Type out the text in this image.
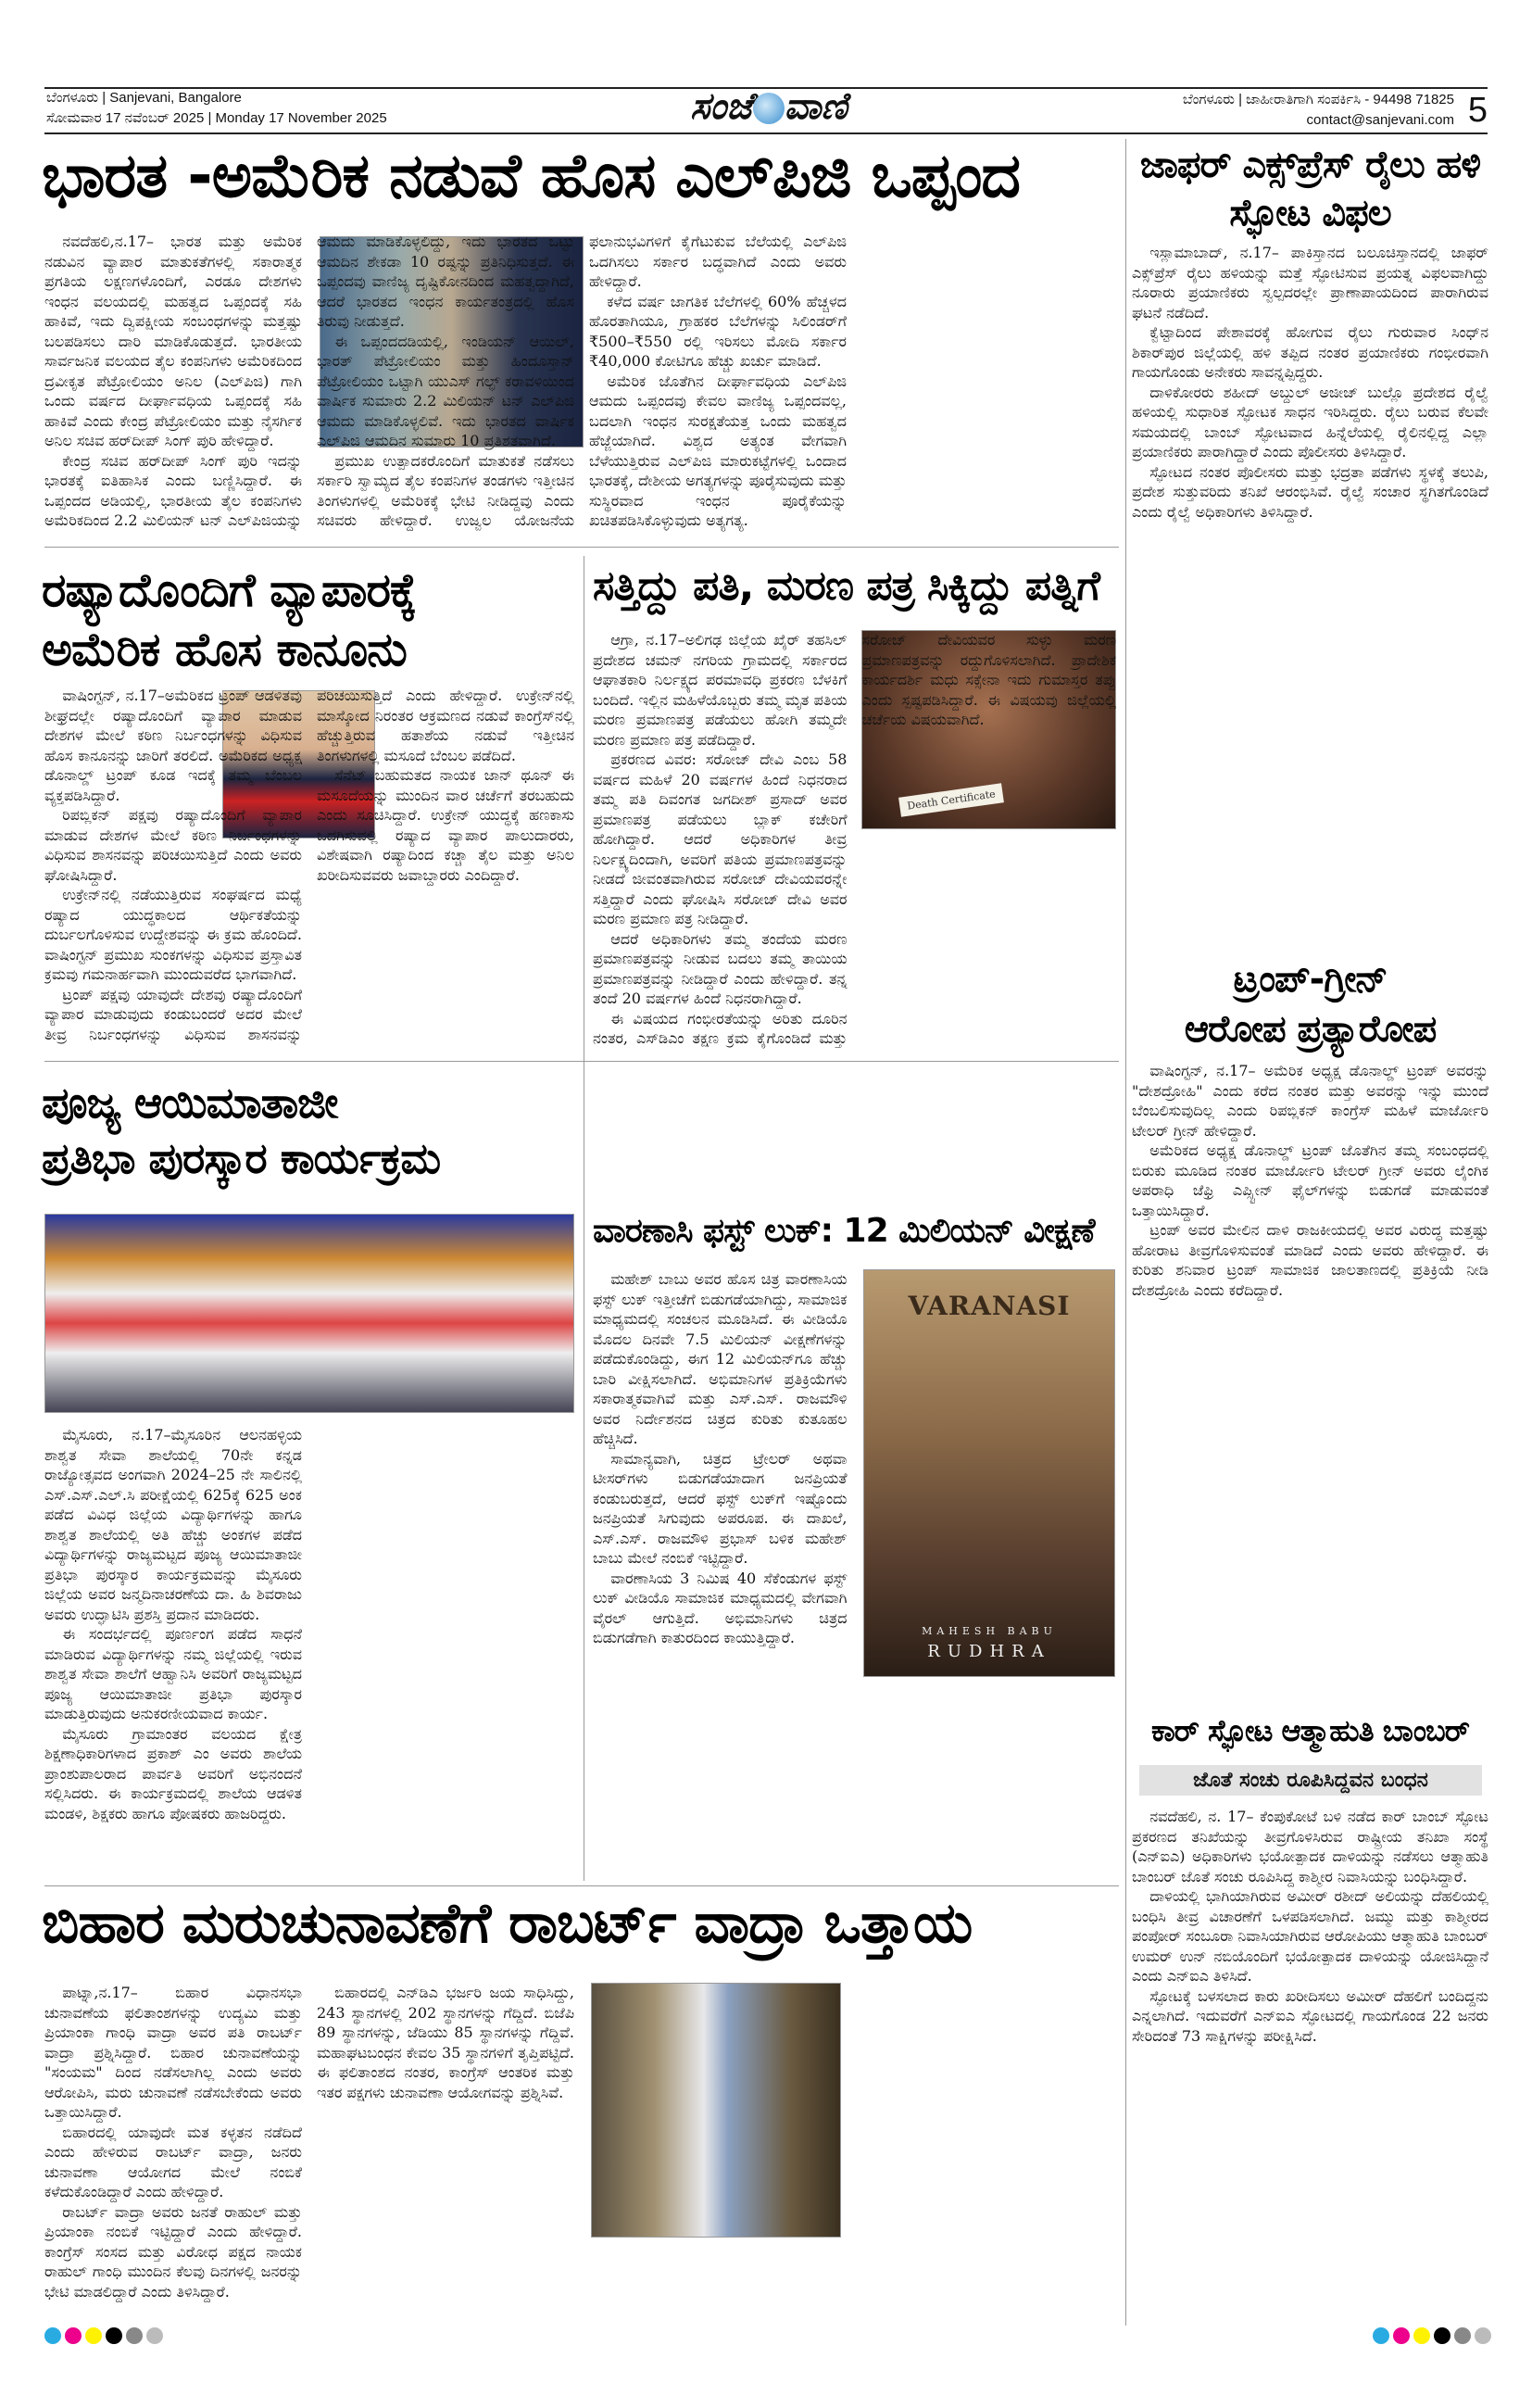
ಬೆಂಗಳೂರು | Sanjevani, Bangalore
ಸೋಮವಾರ 17 ನವೆಂಬರ್ 2025 | Monday 17 November 2025	ಸಂಜೆ ವಾಣಿ	ಬೆಂಗಳೂರು | ಜಾಹೀರಾತಿಗಾಗಿ ಸಂಪರ್ಕಿಸಿ - 94498 71825
contact@sanjevani.com 5
ಭಾರತ -ಅಮೆರಿಕ ನಡುವೆ ಹೊಸ ಎಲ್‌ಪಿಜಿ ಒಪ್ಪಂದ

ನವದೆಹಲಿ,ನ.17– ಭಾರತ ಮತ್ತು ಅಮೆರಿಕ ನಡುವಿನ ವ್ಯಾಪಾರ ಮಾತುಕತೆಗಳಲ್ಲಿ ಸಕಾರಾತ್ಮಕ ಪ್ರಗತಿಯ ಲಕ್ಷಣಗಳೊಂದಿಗೆ, ಎರಡೂ ದೇಶಗಳು ಇಂಧನ ವಲಯದಲ್ಲಿ ಮಹತ್ವದ ಒಪ್ಪಂದಕ್ಕೆ ಸಹಿ ಹಾಕಿವೆ, ಇದು ದ್ವಿಪಕ್ಷೀಯ ಸಂಬಂಧಗಳನ್ನು ಮತ್ತಷ್ಟು ಬಲಪಡಿಸಲು ದಾರಿ ಮಾಡಿಕೊಡುತ್ತದೆ. ಭಾರತೀಯ ಸಾರ್ವಜನಿಕ ವಲಯದ ತೈಲ ಕಂಪನಿಗಳು ಅಮೆರಿಕದಿಂದ ದ್ರವೀಕೃತ ಪೆಟ್ರೋಲಿಯಂ ಅನಿಲ (ಎಲ್‌ಪಿಜಿ) ಗಾಗಿ ಒಂದು ವರ್ಷದ ದೀರ್ಘಾವಧಿಯ ಒಪ್ಪಂದಕ್ಕೆ ಸಹಿ ಹಾಕಿವೆ ಎಂದು ಕೇಂದ್ರ ಪೆಟ್ರೋಲಿಯಂ ಮತ್ತು ನೈಸರ್ಗಿಕ ಅನಿಲ ಸಚಿವ ಹರ್‌ದೀಪ್ ಸಿಂಗ್ ಪುರಿ ಹೇಳಿದ್ದಾರೆ.

ಕೇಂದ್ರ ಸಚಿವ ಹರ್‌ದೀಪ್ ಸಿಂಗ್ ಪುರಿ ಇದನ್ನು ಭಾರತಕ್ಕೆ ಐತಿಹಾಸಿಕ ಎಂದು ಬಣ್ಣಿಸಿದ್ದಾರೆ. ಈ ಒಪ್ಪಂದದ ಅಡಿಯಲ್ಲಿ, ಭಾರತೀಯ ತೈಲ ಕಂಪನಿಗಳು ಅಮೆರಿಕದಿಂದ 2.2 ಮಿಲಿಯನ್ ಟನ್ ಎಲ್‌ಪಿಜಿಯನ್ನು ಆಮದು ಮಾಡಿಕೊಳ್ಳಲಿದ್ದು, ಇದು ಭಾರತದ ಒಟ್ಟು ಆಮದಿನ ಶೇಕಡಾ 10 ರಷ್ಟನ್ನು ಪ್ರತಿನಿಧಿಸುತ್ತದೆ. ಈ ಒಪ್ಪಂದವು ವಾಣಿಜ್ಯ ದೃಷ್ಟಿಕೋನದಿಂದ ಮಹತ್ವದ್ದಾಗಿದೆ, ಆದರೆ ಭಾರತದ ಇಂಧನ ಕಾರ್ಯತಂತ್ರದಲ್ಲಿ ಹೊಸ ತಿರುವು ನೀಡುತ್ತದೆ.

ಈ ಒಪ್ಪಂದದಡಿಯಲ್ಲಿ, ಇಂಡಿಯನ್ ಆಯಿಲ್, ಭಾರತ್ ಪೆಟ್ರೋಲಿಯಂ ಮತ್ತು ಹಿಂದೂಸ್ತಾನ್ ಪೆಟ್ರೋಲಿಯಂ ಒಟ್ಟಾಗಿ ಯುಎಸ್ ಗಲ್ಫ್ ಕರಾವಳಿಯಿಂದ ವಾರ್ಷಿಕ ಸುಮಾರು 2.2 ಮಿಲಿಯನ್ ಟನ್ ಎಲ್‌ಪಿಜಿ ಆಮದು ಮಾಡಿಕೊಳ್ಳಲಿವೆ. ಇದು ಭಾರತದ ವಾರ್ಷಿಕ ಎಲ್‌ಪಿಜಿ ಆಮದಿನ ಸುಮಾರು 10 ಪ್ರತಿಶತವಾಗಿದೆ.

ಪ್ರಮುಖ ಉತ್ಪಾದಕರೊಂದಿಗೆ ಮಾತುಕತೆ ನಡೆಸಲು ಸರ್ಕಾರಿ ಸ್ವಾಮ್ಯದ ತೈಲ ಕಂಪನಿಗಳ ತಂಡಗಳು ಇತ್ತೀಚಿನ ತಿಂಗಳುಗಳಲ್ಲಿ ಅಮೆರಿಕಕ್ಕೆ ಭೇಟಿ ನೀಡಿದ್ದವು ಎಂದು ಸಚಿವರು ಹೇಳಿದ್ದಾರೆ. ಉಜ್ವಲ ಯೋಜನೆಯ ಫಲಾನುಭವಿಗಳಿಗೆ ಕೈಗೆಟುಕುವ ಬೆಲೆಯಲ್ಲಿ ಎಲ್‌ಪಿಜಿ ಒದಗಿಸಲು ಸರ್ಕಾರ ಬದ್ಧವಾಗಿದೆ ಎಂದು ಅವರು ಹೇಳಿದ್ದಾರೆ.

ಕಳೆದ ವರ್ಷ ಜಾಗತಿಕ ಬೆಲೆಗಳಲ್ಲಿ 60% ಹೆಚ್ಚಳದ ಹೊರತಾಗಿಯೂ, ಗ್ರಾಹಕರ ಬೆಲೆಗಳನ್ನು ಸಿಲಿಂಡರ್‌ಗೆ ₹500–₹550 ರಲ್ಲಿ ಇರಿಸಲು ಮೋದಿ ಸರ್ಕಾರ ₹40,000 ಕೋಟಿಗೂ ಹೆಚ್ಚು ಖರ್ಚು ಮಾಡಿದೆ.

ಅಮೆರಿಕ ಜೊತೆಗಿನ ದೀರ್ಘಾವಧಿಯ ಎಲ್‌ಪಿಜಿ ಆಮದು ಒಪ್ಪಂದವು ಕೇವಲ ವಾಣಿಜ್ಯ ಒಪ್ಪಂದವಲ್ಲ, ಬದಲಾಗಿ ಇಂಧನ ಸುರಕ್ಷತೆಯತ್ತ ಒಂದು ಮಹತ್ವದ ಹೆಜ್ಜೆಯಾಗಿದೆ. ವಿಶ್ವದ ಅತ್ಯಂತ ವೇಗವಾಗಿ ಬೆಳೆಯುತ್ತಿರುವ ಎಲ್‌ಪಿಜಿ ಮಾರುಕಟ್ಟೆಗಳಲ್ಲಿ ಒಂದಾದ ಭಾರತಕ್ಕೆ, ದೇಶೀಯ ಅಗತ್ಯಗಳನ್ನು ಪೂರೈಸುವುದು ಮತ್ತು ಸುಸ್ಥಿರವಾದ ಇಂಧನ ಪೂರೈಕೆಯನ್ನು ಖಚಿತಪಡಿಸಿಕೊಳ್ಳುವುದು ಅತ್ಯಗತ್ಯ.

ರಷ್ಯಾದೊಂದಿಗೆ ವ್ಯಾಪಾರಕ್ಕೆ
ಅಮೆರಿಕ ಹೊಸ ಕಾನೂನು

ವಾಷಿಂಗ್ಟನ್, ನ.17–ಅಮೆರಿಕದ ಟ್ರಂಪ್ ಆಡಳಿತವು ಶೀಘ್ರದಲ್ಲೇ ರಷ್ಯಾದೊಂದಿಗೆ ವ್ಯಾಪಾರ ಮಾಡುವ ದೇಶಗಳ ಮೇಲೆ ಕಠಿಣ ನಿರ್ಬಂಧಗಳನ್ನು ವಿಧಿಸುವ ಹೊಸ ಕಾನೂನನ್ನು ಜಾರಿಗೆ ತರಲಿದೆ. ಅಮೆರಿಕದ ಅಧ್ಯಕ್ಷ ಡೊನಾಲ್ಡ್ ಟ್ರಂಪ್ ಕೂಡ ಇದಕ್ಕೆ ತಮ್ಮ ಬೆಂಬಲ ವ್ಯಕ್ತಪಡಿಸಿದ್ದಾರೆ.

ರಿಪಬ್ಲಿಕನ್ ಪಕ್ಷವು ರಷ್ಯಾದೊಂದಿಗೆ ವ್ಯಾಪಾರ ಮಾಡುವ ದೇಶಗಳ ಮೇಲೆ ಕಠಿಣ ನಿರ್ಬಂಧಗಳನ್ನು ವಿಧಿಸುವ ಶಾಸನವನ್ನು ಪರಿಚಯಿಸುತ್ತಿದೆ ಎಂದು ಅವರು ಘೋಷಿಸಿದ್ದಾರೆ.

ಉಕ್ರೇನ್‌ನಲ್ಲಿ ನಡೆಯುತ್ತಿರುವ ಸಂಘರ್ಷದ ಮಧ್ಯೆ ರಷ್ಯಾದ ಯುದ್ಧಕಾಲದ ಆರ್ಥಿಕತೆಯನ್ನು ದುರ್ಬಲಗೊಳಿಸುವ ಉದ್ದೇಶವನ್ನು ಈ ಕ್ರಮ ಹೊಂದಿದೆ. ವಾಷಿಂಗ್ಟನ್ ಪ್ರಮುಖ ಸುಂಕಗಳನ್ನು ವಿಧಿಸುವ ಪ್ರಸ್ತಾವಿತ ಕ್ರಮವು ಗಮನಾರ್ಹವಾಗಿ ಮುಂದುವರೆದ ಭಾಗವಾಗಿದೆ.

ಟ್ರಂಪ್ ಪಕ್ಷವು ಯಾವುದೇ ದೇಶವು ರಷ್ಯಾದೊಂದಿಗೆ ವ್ಯಾಪಾರ ಮಾಡುವುದು ಕಂಡುಬಂದರೆ ಅದರ ಮೇಲೆ ತೀವ್ರ ನಿರ್ಬಂಧಗಳನ್ನು ವಿಧಿಸುವ ಶಾಸನವನ್ನು ಪರಿಚಯಿಸುತ್ತಿದೆ ಎಂದು ಹೇಳಿದ್ದಾರೆ. ಉಕ್ರೇನ್‌ನಲ್ಲಿ ಮಾಸ್ಕೋದ ನಿರಂತರ ಆಕ್ರಮಣದ ನಡುವೆ ಕಾಂಗ್ರೆಸ್‌ನಲ್ಲಿ ಹೆಚ್ಚುತ್ತಿರುವ ಹತಾಶೆಯ ನಡುವೆ ಇತ್ತೀಚಿನ ತಿಂಗಳುಗಳಲ್ಲಿ ಮಸೂದೆ ಬೆಂಬಲ ಪಡೆದಿದೆ.

ಸೆನೆಟ್ ಬಹುಮತದ ನಾಯಕ ಜಾನ್ ಥೂನ್ ಈ ಮಸೂದೆಯನ್ನು ಮುಂದಿನ ವಾರ ಚರ್ಚೆಗೆ ತರಬಹುದು ಎಂದು ಸೂಚಿಸಿದ್ದಾರೆ. ಉಕ್ರೇನ್ ಯುದ್ಧಕ್ಕೆ ಹಣಕಾಸು ಒದಗಿಸುವಲ್ಲಿ ರಷ್ಯಾದ ವ್ಯಾಪಾರ ಪಾಲುದಾರರು, ವಿಶೇಷವಾಗಿ ರಷ್ಯಾದಿಂದ ಕಚ್ಚಾ ತೈಲ ಮತ್ತು ಅನಿಲ ಖರೀದಿಸುವವರು ಜವಾಬ್ದಾರರು ಎಂದಿದ್ದಾರೆ.

ಸತ್ತಿದ್ದು ಪತಿ, ಮರಣ ಪತ್ರ ಸಿಕ್ಕಿದ್ದು ಪತ್ನಿಗೆ
Death Certificate

ಆಗ್ರಾ, ನ.17–ಅಲಿಗಢ ಜಿಲ್ಲೆಯ ಖೈರ್ ತಹಸಿಲ್ ಪ್ರದೇಶದ ಚಮನ್ ನಗರಿಯ ಗ್ರಾಮದಲ್ಲಿ ಸರ್ಕಾರದ ಆಘಾತಕಾರಿ ನಿರ್ಲಕ್ಷ್ಯದ ಪರಮಾವಧಿ ಪ್ರಕರಣ ಬೆಳಕಿಗೆ ಬಂದಿದೆ. ಇಲ್ಲಿನ ಮಹಿಳೆಯೊಬ್ಬರು ತಮ್ಮ ಮೃತ ಪತಿಯ ಮರಣ ಪ್ರಮಾಣಪತ್ರ ಪಡೆಯಲು ಹೋಗಿ ತಮ್ಮದೇ ಮರಣ ಪ್ರಮಾಣ ಪತ್ರ ಪಡೆದಿದ್ದಾರೆ.

ಪ್ರಕರಣದ ವಿವರ: ಸರೋಜ್ ದೇವಿ ಎಂಬ 58 ವರ್ಷದ ಮಹಿಳೆ 20 ವರ್ಷಗಳ ಹಿಂದೆ ನಿಧನರಾದ ತಮ್ಮ ಪತಿ ದಿವಂಗತ ಜಗದೀಶ್ ಪ್ರಸಾದ್ ಅವರ ಪ್ರಮಾಣಪತ್ರ ಪಡೆಯಲು ಬ್ಲಾಕ್ ಕಚೇರಿಗೆ ಹೋಗಿದ್ದಾರೆ. ಆದರೆ ಅಧಿಕಾರಿಗಳ ತೀವ್ರ ನಿರ್ಲಕ್ಷ್ಯದಿಂದಾಗಿ, ಅವರಿಗೆ ಪತಿಯ ಪ್ರಮಾಣಪತ್ರವನ್ನು ನೀಡದೆ ಜೀವಂತವಾಗಿರುವ ಸರೋಜ್ ದೇವಿಯವರನ್ನೇ ಸತ್ತಿದ್ದಾರೆ ಎಂದು ಘೋಷಿಸಿ ಸರೋಜ್ ದೇವಿ ಅವರ ಮರಣ ಪ್ರಮಾಣ ಪತ್ರ ನೀಡಿದ್ದಾರೆ.

ಆದರೆ ಅಧಿಕಾರಿಗಳು ತಮ್ಮ ತಂದೆಯ ಮರಣ ಪ್ರಮಾಣಪತ್ರವನ್ನು ನೀಡುವ ಬದಲು ತಮ್ಮ ತಾಯಿಯ ಪ್ರಮಾಣಪತ್ರವನ್ನು ನೀಡಿದ್ದಾರೆ ಎಂದು ಹೇಳಿದ್ದಾರೆ. ತನ್ನ ತಂದೆ 20 ವರ್ಷಗಳ ಹಿಂದೆ ನಿಧನರಾಗಿದ್ದಾರೆ.

ಈ ವಿಷಯದ ಗಂಭೀರತೆಯನ್ನು ಅರಿತು ದೂರಿನ ನಂತರ, ಎಸ್‌ಡಿಎಂ ತಕ್ಷಣ ಕ್ರಮ ಕೈಗೊಂಡಿದೆ ಮತ್ತು ಸರೋಜ್ ದೇವಿಯವರ ಸುಳ್ಳು ಮರಣ ಪ್ರಮಾಣಪತ್ರವನ್ನು ರದ್ದುಗೊಳಿಸಲಾಗಿದೆ. ಪ್ರಾದೇಶಿಕ ಕಾರ್ಯದರ್ಶಿ ಮಧು ಸಕ್ಸೇನಾ ಇದು ಗುಮಾಸ್ತರ ತಪ್ಪು ಎಂದು ಸ್ಪಷ್ಟಪಡಿಸಿದ್ದಾರೆ. ಈ ವಿಷಯವು ಜಿಲ್ಲೆಯಲ್ಲಿ ಚರ್ಚೆಯ ವಿಷಯವಾಗಿದೆ.

ಪೂಜ್ಯ ಆಯಿಮಾತಾಜೀ
ಪ್ರತಿಭಾ ಪುರಸ್ಕಾರ ಕಾರ್ಯಕ್ರಮ

ಮೈಸೂರು, ನ.17–ಮೈಸೂರಿನ ಆಲನಹಳ್ಳಿಯ ಶಾಶ್ವತ ಸೇವಾ ಶಾಲೆಯಲ್ಲಿ 70ನೇ ಕನ್ನಡ ರಾಜ್ಯೋತ್ಸವದ ಅಂಗವಾಗಿ 2024–25 ನೇ ಸಾಲಿನಲ್ಲಿ ಎಸ್.ಎಸ್.ಎಲ್.ಸಿ ಪರೀಕ್ಷೆಯಲ್ಲಿ 625ಕ್ಕೆ 625 ಅಂಕ ಪಡೆದ ವಿವಿಧ ಜಿಲ್ಲೆಯ ವಿದ್ಯಾರ್ಥಿಗಳನ್ನು ಹಾಗೂ ಶಾಶ್ವತ ಶಾಲೆಯಲ್ಲಿ ಅತಿ ಹೆಚ್ಚು ಅಂಕಗಳ ಪಡೆದ ವಿದ್ಯಾರ್ಥಿಗಳನ್ನು ರಾಜ್ಯಮಟ್ಟದ ಪೂಜ್ಯ ಆಯಿಮಾತಾಜೀ ಪ್ರತಿಭಾ ಪುರಸ್ಕಾರ ಕಾರ್ಯಕ್ರಮವನ್ನು ಮೈಸೂರು ಜಿಲ್ಲೆಯ ಅವರ ಜನ್ಮದಿನಾಚರಣೆಯ ದಾ. ಹಿ ಶಿವರಾಜು ಅವರು ಉದ್ಘಾಟಿಸಿ ಪ್ರಶಸ್ತಿ ಪ್ರದಾನ ಮಾಡಿದರು.

ಈ ಸಂದರ್ಭದಲ್ಲಿ ಪೂರ್ಣಂಗ ಪಡೆದ ಸಾಧನೆ ಮಾಡಿರುವ ವಿದ್ಯಾರ್ಥಿಗಳನ್ನು ನಮ್ಮ ಜಿಲ್ಲೆಯಲ್ಲಿ ಇರುವ ಶಾಶ್ವತ ಸೇವಾ ಶಾಲೆಗೆ ಆಹ್ವಾನಿಸಿ ಅವರಿಗೆ ರಾಜ್ಯಮಟ್ಟದ ಪೂಜ್ಯ ಆಯಿಮಾತಾಜೀ ಪ್ರತಿಭಾ ಪುರಸ್ಕಾರ ಮಾಡುತ್ತಿರುವುದು ಅನುಕರಣೀಯವಾದ ಕಾರ್ಯ.

ಮೈಸೂರು ಗ್ರಾಮಾಂತರ ವಲಯದ ಕ್ಷೇತ್ರ ಶಿಕ್ಷಣಾಧಿಕಾರಿಗಳಾದ ಪ್ರಕಾಶ್ ಎಂ ಅವರು ಶಾಲೆಯ ಪ್ರಾಂಶುಪಾಲರಾದ ಪಾರ್ವತಿ ಅವರಿಗೆ ಅಭಿನಂದನೆ ಸಲ್ಲಿಸಿದರು. ಈ ಕಾರ್ಯಕ್ರಮದಲ್ಲಿ ಶಾಲೆಯ ಆಡಳಿತ ಮಂಡಳಿ, ಶಿಕ್ಷಕರು ಹಾಗೂ ಪೋಷಕರು ಹಾಜರಿದ್ದರು.

ವಾರಣಾಸಿ ಫಸ್ಟ್ ಲುಕ್: 12 ಮಿಲಿಯನ್ ವೀಕ್ಷಣೆ
VARANASI
MAHESH BABU
RUDHRA

ಮಹೇಶ್ ಬಾಬು ಅವರ ಹೊಸ ಚಿತ್ರ ವಾರಣಾಸಿಯ ಫಸ್ಟ್ ಲುಕ್ ಇತ್ತೀಚೆಗೆ ಬಿಡುಗಡೆಯಾಗಿದ್ದು, ಸಾಮಾಜಿಕ ಮಾಧ್ಯಮದಲ್ಲಿ ಸಂಚಲನ ಮೂಡಿಸಿದೆ. ಈ ವೀಡಿಯೊ ಮೊದಲ ದಿನವೇ 7.5 ಮಿಲಿಯನ್ ವೀಕ್ಷಣೆಗಳನ್ನು ಪಡೆದುಕೊಂಡಿದ್ದು, ಈಗ 12 ಮಿಲಿಯನ್‌ಗೂ ಹೆಚ್ಚು ಬಾರಿ ವೀಕ್ಷಿಸಲಾಗಿದೆ. ಅಭಿಮಾನಿಗಳ ಪ್ರತಿಕ್ರಿಯೆಗಳು ಸಕಾರಾತ್ಮಕವಾಗಿವೆ ಮತ್ತು ಎಸ್.ಎಸ್. ರಾಜಮೌಳಿ ಅವರ ನಿರ್ದೇಶನದ ಚಿತ್ರದ ಕುರಿತು ಕುತೂಹಲ ಹೆಚ್ಚಿಸಿದೆ.

ಸಾಮಾನ್ಯವಾಗಿ, ಚಿತ್ರದ ಟ್ರೇಲರ್ ಅಥವಾ ಟೀಸರ್‌ಗಳು ಬಿಡುಗಡೆಯಾದಾಗ ಜನಪ್ರಿಯತೆ ಕಂಡುಬರುತ್ತದೆ, ಆದರೆ ಫಸ್ಟ್ ಲುಕ್‌ಗೆ ಇಷ್ಟೊಂದು ಜನಪ್ರಿಯತೆ ಸಿಗುವುದು ಅಪರೂಪ. ಈ ದಾಖಲೆ, ಎಸ್.ಎಸ್. ರಾಜಮೌಳಿ ಪ್ರಭಾಸ್ ಬಳಿಕ ಮಹೇಶ್ ಬಾಬು ಮೇಲೆ ನಂಬಿಕೆ ಇಟ್ಟಿದ್ದಾರೆ.

ವಾರಣಾಸಿಯ 3 ನಿಮಿಷ 40 ಸೆಕೆಂಡುಗಳ ಫಸ್ಟ್ ಲುಕ್ ವೀಡಿಯೊ ಸಾಮಾಜಿಕ ಮಾಧ್ಯಮದಲ್ಲಿ ವೇಗವಾಗಿ ವೈರಲ್ ಆಗುತ್ತಿದೆ. ಅಭಿಮಾನಿಗಳು ಚಿತ್ರದ ಬಿಡುಗಡೆಗಾಗಿ ಕಾತುರದಿಂದ ಕಾಯುತ್ತಿದ್ದಾರೆ.

ಜಾಫರ್ ಎಕ್ಸ್‌ಪ್ರೆಸ್ ರೈಲು ಹಳಿ ಸ್ಫೋಟ ವಿಫಲ

ಇಸ್ಲಾಮಾಬಾದ್, ನ.17– ಪಾಕಿಸ್ತಾನದ ಬಲೂಚಿಸ್ತಾನದಲ್ಲಿ ಜಾಫರ್ ಎಕ್ಸ್‌ಪ್ರೆಸ್ ರೈಲು ಹಳಿಯನ್ನು ಮತ್ತೆ ಸ್ಫೋಟಿಸುವ ಪ್ರಯತ್ನ ವಿಫಲವಾಗಿದ್ದು ನೂರಾರು ಪ್ರಯಾಣಿಕರು ಸ್ವಲ್ಪದರಲ್ಲೇ ಪ್ರಾಣಾಪಾಯದಿಂದ ಪಾರಾಗಿರುವ ಘಟನೆ ನಡೆದಿದೆ.

ಕ್ವೆಟ್ಟಾದಿಂದ ಪೇಶಾವರಕ್ಕೆ ಹೋಗುವ ರೈಲು ಗುರುವಾರ ಸಿಂಧ್‌ನ ಶಿಕಾರ್‌ಪುರ ಜಿಲ್ಲೆಯಲ್ಲಿ ಹಳಿ ತಪ್ಪಿದ ನಂತರ ಪ್ರಯಾಣಿಕರು ಗಂಭೀರವಾಗಿ ಗಾಯಗೊಂಡು ಅನೇಕರು ಸಾವನ್ನಪ್ಪಿದ್ದರು.

ದಾಳಿಕೋರರು ಶಹೀದ್ ಅಬ್ದುಲ್ ಅಜೀಜ್ ಬುಲ್ಲೊ ಪ್ರದೇಶದ ರೈಲ್ವೆ ಹಳಿಯಲ್ಲಿ ಸುಧಾರಿತ ಸ್ಫೋಟಕ ಸಾಧನ ಇರಿಸಿದ್ದರು. ರೈಲು ಬರುವ ಕೆಲವೇ ಸಮಯದಲ್ಲಿ ಬಾಂಬ್ ಸ್ಫೋಟವಾದ ಹಿನ್ನೆಲೆಯಲ್ಲಿ ರೈಲಿನಲ್ಲಿದ್ದ ಎಲ್ಲಾ ಪ್ರಯಾಣಿಕರು ಪಾರಾಗಿದ್ದಾರೆ ಎಂದು ಪೊಲೀಸರು ತಿಳಿಸಿದ್ದಾರೆ.

ಸ್ಫೋಟದ ನಂತರ ಪೊಲೀಸರು ಮತ್ತು ಭದ್ರತಾ ಪಡೆಗಳು ಸ್ಥಳಕ್ಕೆ ತಲುಪಿ, ಪ್ರದೇಶ ಸುತ್ತುವರಿದು ತನಿಖೆ ಆರಂಭಿಸಿವೆ. ರೈಲ್ವೆ ಸಂಚಾರ ಸ್ಥಗಿತಗೊಂಡಿದೆ ಎಂದು ರೈಲ್ವೆ ಅಧಿಕಾರಿಗಳು ತಿಳಿಸಿದ್ದಾರೆ.

ಟ್ರಂಪ್-ಗ್ರೀನ್
ಆರೋಪ ಪ್ರತ್ಯಾರೋಪ

ವಾಷಿಂಗ್ಟನ್, ನ.17– ಅಮೆರಿಕ ಅಧ್ಯಕ್ಷ ಡೊನಾಲ್ಡ್ ಟ್ರಂಪ್ ಅವರನ್ನು "ದೇಶದ್ರೋಹಿ" ಎಂದು ಕರೆದ ನಂತರ ಮತ್ತು ಅವರನ್ನು ಇನ್ನು ಮುಂದೆ ಬೆಂಬಲಿಸುವುದಿಲ್ಲ ಎಂದು ರಿಪಬ್ಲಿಕನ್ ಕಾಂಗ್ರೆಸ್ ಮಹಿಳೆ ಮಾರ್ಜೋರಿ ಟೇಲರ್ ಗ್ರೀನ್ ಹೇಳಿದ್ದಾರೆ.

ಅಮೆರಿಕದ ಅಧ್ಯಕ್ಷ ಡೊನಾಲ್ಡ್ ಟ್ರಂಪ್ ಜೊತೆಗಿನ ತಮ್ಮ ಸಂಬಂಧದಲ್ಲಿ ಬಿರುಕು ಮೂಡಿದ ನಂತರ ಮಾರ್ಜೋರಿ ಟೇಲರ್ ಗ್ರೀನ್ ಅವರು ಲೈಂಗಿಕ ಅಪರಾಧಿ ಜೆಫ್ರಿ ಎಪ್ಸ್ಟೀನ್ ಫೈಲ್‌ಗಳನ್ನು ಬಿಡುಗಡೆ ಮಾಡುವಂತೆ ಒತ್ತಾಯಿಸಿದ್ದಾರೆ.

ಟ್ರಂಪ್ ಅವರ ಮೇಲಿನ ದಾಳಿ ರಾಜಕೀಯದಲ್ಲಿ ಅವರ ವಿರುದ್ಧ ಮತ್ತಷ್ಟು ಹೋರಾಟ ತೀವ್ರಗೊಳಿಸುವಂತೆ ಮಾಡಿದೆ ಎಂದು ಅವರು ಹೇಳಿದ್ದಾರೆ. ಈ ಕುರಿತು ಶನಿವಾರ ಟ್ರಂಪ್ ಸಾಮಾಜಿಕ ಜಾಲತಾಣದಲ್ಲಿ ಪ್ರತಿಕ್ರಿಯೆ ನೀಡಿ ದೇಶದ್ರೋಹಿ ಎಂದು ಕರೆದಿದ್ದಾರೆ.

ಕಾರ್ ಸ್ಫೋಟ ಆತ್ಮಾಹುತಿ ಬಾಂಬರ್
ಜೊತೆ ಸಂಚು ರೂಪಿಸಿದ್ದವನ ಬಂಧನ

ನವದೆಹಲಿ, ನ. 17– ಕೆಂಪುಕೋಟೆ ಬಳಿ ನಡೆದ ಕಾರ್ ಬಾಂಬ್ ಸ್ಫೋಟ ಪ್ರಕರಣದ ತನಿಖೆಯನ್ನು ತೀವ್ರಗೊಳಿಸಿರುವ ರಾಷ್ಟ್ರೀಯ ತನಿಖಾ ಸಂಸ್ಥೆ (ಎನ್‌ಐಎ) ಅಧಿಕಾರಿಗಳು ಭಯೋತ್ಪಾದಕ ದಾಳಿಯನ್ನು ನಡೆಸಲು ಆತ್ಮಾಹುತಿ ಬಾಂಬರ್ ಜೊತೆ ಸಂಚು ರೂಪಿಸಿದ್ದ ಕಾಶ್ಮೀರ ನಿವಾಸಿಯನ್ನು ಬಂಧಿಸಿದ್ದಾರೆ.

ದಾಳಿಯಲ್ಲಿ ಭಾಗಿಯಾಗಿರುವ ಅಮೀರ್ ರಶೀದ್ ಅಲಿಯನ್ನು ದೆಹಲಿಯಲ್ಲಿ ಬಂಧಿಸಿ ತೀವ್ರ ವಿಚಾರಣೆಗೆ ಒಳಪಡಿಸಲಾಗಿದೆ. ಜಮ್ಮು ಮತ್ತು ಕಾಶ್ಮೀರದ ಪಂಪೋರ್ ಸಂಬೂರಾ ನಿವಾಸಿಯಾಗಿರುವ ಆರೋಪಿಯು ಆತ್ಮಾಹುತಿ ಬಾಂಬರ್ ಉಮರ್ ಉನ್ ನಬಿಯೊಂದಿಗೆ ಭಯೋತ್ಪಾದಕ ದಾಳಿಯನ್ನು ಯೋಜಿಸಿದ್ದಾನೆ ಎಂದು ಎನ್‌ಐಎ ತಿಳಿಸಿದೆ.

ಸ್ಫೋಟಕ್ಕೆ ಬಳಸಲಾದ ಕಾರು ಖರೀದಿಸಲು ಅಮೀರ್ ದೆಹಲಿಗೆ ಬಂದಿದ್ದನು ಎನ್ನಲಾಗಿದೆ. ಇದುವರೆಗೆ ಎನ್‌ಐಎ ಸ್ಫೋಟದಲ್ಲಿ ಗಾಯಗೊಂಡ 22 ಜನರು ಸೇರಿದಂತೆ 73 ಸಾಕ್ಷಿಗಳನ್ನು ಪರೀಕ್ಷಿಸಿದೆ.

ಬಿಹಾರ ಮರುಚುನಾವಣೆಗೆ ರಾಬರ್ಟ್ ವಾದ್ರಾ ಒತ್ತಾಯ

ಪಾಟ್ನಾ,ನ.17– ಬಿಹಾರ ವಿಧಾನಸಭಾ ಚುನಾವಣೆಯ ಫಲಿತಾಂಶಗಳನ್ನು ಉದ್ಯಮಿ ಮತ್ತು ಪ್ರಿಯಾಂಕಾ ಗಾಂಧಿ ವಾದ್ರಾ ಅವರ ಪತಿ ರಾಬರ್ಟ್ ವಾದ್ರಾ ಪ್ರಶ್ನಿಸಿದ್ದಾರೆ. ಬಿಹಾರ ಚುನಾವಣೆಯನ್ನು "ಸಂಯಮ" ದಿಂದ ನಡೆಸಲಾಗಿಲ್ಲ ಎಂದು ಅವರು ಆರೋಪಿಸಿ, ಮರು ಚುನಾವಣೆ ನಡೆಸಬೇಕೆಂದು ಅವರು ಒತ್ತಾಯಿಸಿದ್ದಾರೆ.

ಬಿಹಾರದಲ್ಲಿ ಯಾವುದೇ ಮತ ಕಳ್ಳತನ ನಡೆದಿದೆ ಎಂದು ಹೇಳಿರುವ ರಾಬರ್ಟ್ ವಾದ್ರಾ, ಜನರು ಚುನಾವಣಾ ಆಯೋಗದ ಮೇಲೆ ನಂಬಿಕೆ ಕಳೆದುಕೊಂಡಿದ್ದಾರೆ ಎಂದು ಹೇಳಿದ್ದಾರೆ.

ರಾಬರ್ಟ್ ವಾದ್ರಾ ಅವರು ಜನತೆ ರಾಹುಲ್ ಮತ್ತು ಪ್ರಿಯಾಂಕಾ ನಂಬಿಕೆ ಇಟ್ಟಿದ್ದಾರೆ ಎಂದು ಹೇಳಿದ್ದಾರೆ. ಕಾಂಗ್ರೆಸ್ ಸಂಸದ ಮತ್ತು ವಿರೋಧ ಪಕ್ಷದ ನಾಯಕ ರಾಹುಲ್ ಗಾಂಧಿ ಮುಂದಿನ ಕೆಲವು ದಿನಗಳಲ್ಲಿ ಜನರನ್ನು ಭೇಟಿ ಮಾಡಲಿದ್ದಾರೆ ಎಂದು ತಿಳಿಸಿದ್ದಾರೆ.

ಬಿಹಾರದಲ್ಲಿ ಎನ್‌ಡಿಎ ಭರ್ಜರಿ ಜಯ ಸಾಧಿಸಿದ್ದು, 243 ಸ್ಥಾನಗಳಲ್ಲಿ 202 ಸ್ಥಾನಗಳನ್ನು ಗೆದ್ದಿದೆ. ಬಿಜೆಪಿ 89 ಸ್ಥಾನಗಳನ್ನು, ಜೆಡಿಯು 85 ಸ್ಥಾನಗಳನ್ನು ಗೆದ್ದಿವೆ. ಮಹಾಘಟಬಂಧನ ಕೇವಲ 35 ಸ್ಥಾನಗಳಿಗೆ ತೃಪ್ತಿಪಟ್ಟಿದೆ. ಈ ಫಲಿತಾಂಶದ ನಂತರ, ಕಾಂಗ್ರೆಸ್ ಆಂತರಿಕ ಮತ್ತು ಇತರ ಪಕ್ಷಗಳು ಚುನಾವಣಾ ಆಯೋಗವನ್ನು ಪ್ರಶ್ನಿಸಿವೆ.
